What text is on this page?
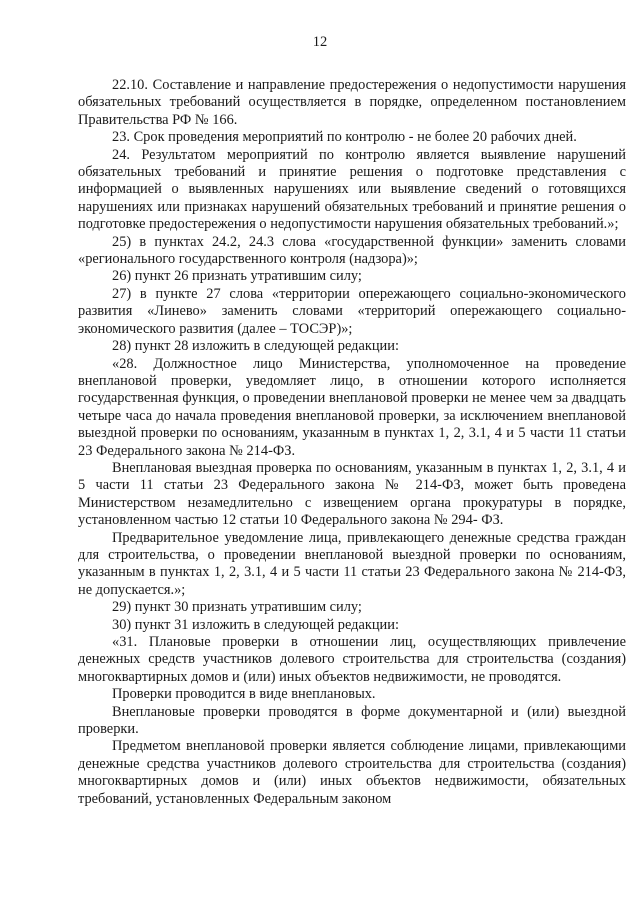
12

22.10. Составление и направление предостережения о недопустимости нарушения обязательных требований осуществляется в порядке, определенном постановлением Правительства РФ № 166.

23. Срок проведения мероприятий по контролю - не более 20 рабочих дней.

24. Результатом мероприятий по контролю является выявление нарушений обязательных требований и принятие решения о подготовке представления с информацией о выявленных нарушениях или выявление сведений о готовящихся нарушениях или признаках нарушений обязательных требований и принятие решения о подготовке предостережения о недопустимости нарушения обязательных требований.»;

25) в пунктах 24.2, 24.3 слова «государственной функции» заменить словами «регионального государственного контроля (надзора)»;

26) пункт 26 признать утратившим силу;

27) в пункте 27 слова «территории опережающего социально-экономического развития «Линево» заменить словами «территорий опережающего социально-экономического развития (далее – ТОСЭР)»;

28) пункт 28 изложить в следующей редакции:

«28. Должностное лицо Министерства, уполномоченное на проведение внеплановой проверки, уведомляет лицо, в отношении которого исполняется государственная функция, о проведении внеплановой проверки не менее чем за двадцать четыре часа до начала проведения внеплановой проверки, за исключением внеплановой выездной проверки по основаниям, указанным в пунктах 1, 2, 3.1, 4 и 5 части 11 статьи 23 Федерального закона № 214-ФЗ.

Внеплановая выездная проверка по основаниям, указанным в пунктах 1, 2, 3.1, 4 и 5 части 11 статьи 23 Федерального закона № 214-ФЗ, может быть проведена Министерством незамедлительно с извещением органа прокуратуры в порядке, установленном частью 12 статьи 10 Федерального закона № 294- ФЗ.

Предварительное уведомление лица, привлекающего денежные средства граждан для строительства, о проведении внеплановой выездной проверки по основаниям, указанным в пунктах 1, 2, 3.1, 4 и 5 части 11 статьи 23 Федерального закона № 214-ФЗ, не допускается.»;

29) пункт 30 признать утратившим силу;

30) пункт 31 изложить в следующей редакции:

«31. Плановые проверки в отношении лиц, осуществляющих привлечение денежных средств участников долевого строительства для строительства (создания) многоквартирных домов и (или) иных объектов недвижимости, не проводятся.

Проверки проводится в виде внеплановых.

Внеплановые проверки проводятся в форме документарной и (или) выездной проверки.

Предметом внеплановой проверки является соблюдение лицами, привлекающими денежные средства участников долевого строительства для строительства (создания) многоквартирных домов и (или) иных объектов недвижимости, обязательных требований, установленных Федеральным законом
